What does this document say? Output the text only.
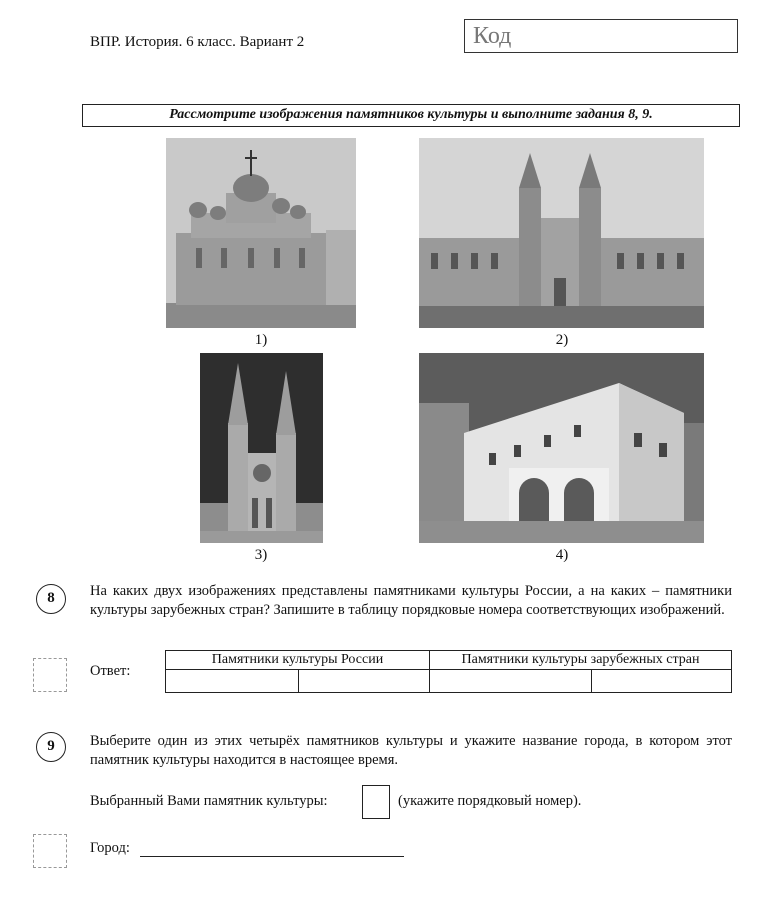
ВПР. История. 6 класс. Вариант 2	Код
Рассмотрите изображения памятников культуры и выполните задания 8, 9.
1)	2)
3)	4)
8	На каких двух изображениях представлены памятниками культуры России, а на каких – памятники культуры зарубежных стран? Запишите в таблицу порядковые номера соответствующих изображений.
Ответ:
Памятники культуры России		Памятники культуры зарубежных стран	

9	Выберите один из этих четырёх памятников культуры и укажите название города, в котором этот памятник культуры находится в настоящее время.
Выбранный Вами памятник культуры:	(укажите порядковый номер).
Город:
